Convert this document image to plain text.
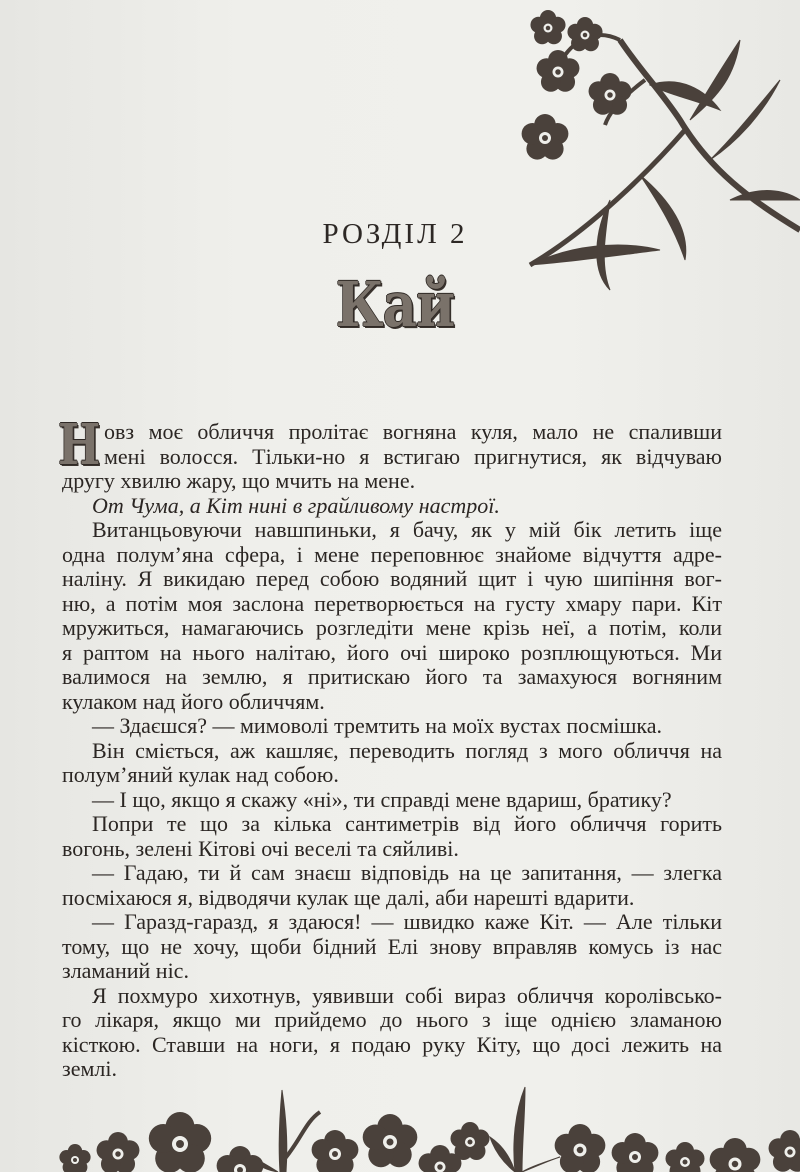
РОЗДІЛ 2
Кай
Н овз моє обличчя пролітає вогняна куля, мало не спаливши
мені волосся. Тільки-но я встигаю пригнутися, як відчуваю
другу хвилю жару, що мчить на мене.
От Чума, а Кіт нині в грайливому настрої.
Витанцьовуючи навшпиньки, я бачу, як у мій бік летить іще
одна полум’яна сфера, і мене переповнює знайоме відчуття адре-
наліну. Я викидаю перед собою водяний щит і чую шипіння вог-
ню, а потім моя заслона перетворюється на густу хмару пари. Кіт
мружиться, намагаючись розгледіти мене крізь неї, а потім, коли
я раптом на нього налітаю, його очі широко розплющуються. Ми
валимося на землю, я притискаю його та замахуюся вогняним
кулаком над його обличчям.
— Здаєшся? — мимоволі тремтить на моїх вустах посмішка.
Він сміється, аж кашляє, переводить погляд з мого обличчя на
полум’яний кулак над собою.
— І що, якщо я скажу «ні», ти справді мене вдариш, братику?
Попри те що за кілька сантиметрів від його обличчя горить
вогонь, зелені Кітові очі веселі та сяйливі.
— Гадаю, ти й сам знаєш відповідь на це запитання, — злегка
посміхаюся я, відводячи кулак ще далі, аби нарешті вдарити.
— Гаразд-гаразд, я здаюся! — швидко каже Кіт. — Але тільки
тому, що не хочу, щоби бідний Елі знову вправляв комусь із нас
зламаний ніс.
Я похмуро хихотнув, уявивши собі вираз обличчя королівсько-
го лікаря, якщо ми прийдемо до нього з іще однією зламаною
кісткою. Ставши на ноги, я подаю руку Кіту, що досі лежить на
землі.
